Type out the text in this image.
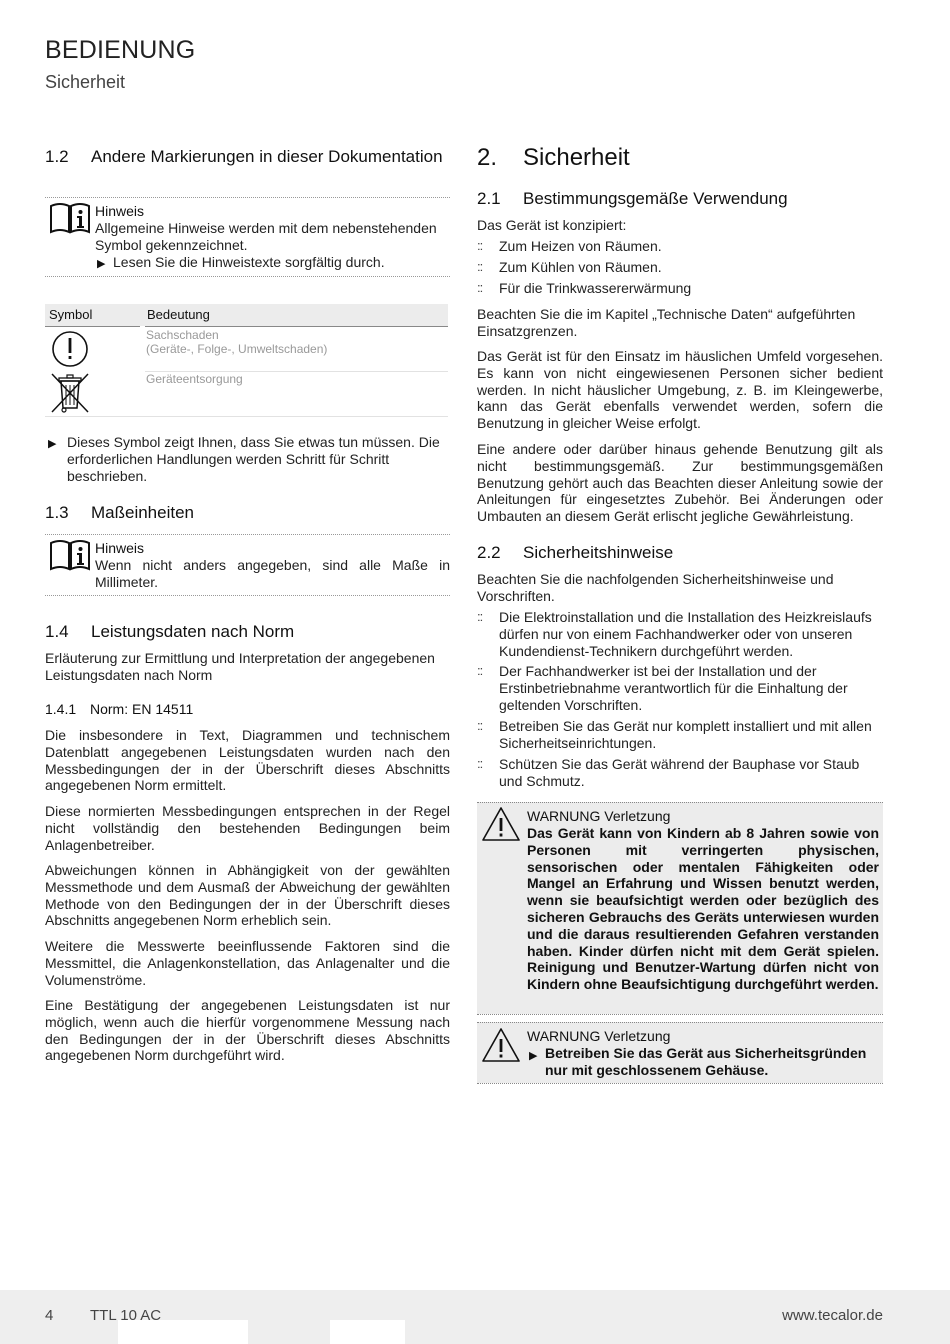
BEDIENUNG
Sicherheit
1.2 Andere Markierungen in dieser Dokumentation
Hinweis
Allgemeine Hinweise werden mit dem nebenstehenden Symbol gekennzeichnet.
▶ Lesen Sie die Hinweistexte sorgfältig durch.
Symbol	Bedeutung
Sachschaden
(Geräte-, Folge-, Umweltschaden)
Geräteentsorgung
▶ Dieses Symbol zeigt Ihnen, dass Sie etwas tun müssen. Die erforderlichen Handlungen werden Schritt für Schritt beschrieben.
1.3 Maßeinheiten
Hinweis
Wenn nicht anders angegeben, sind alle Maße in Millimeter.
1.4 Leistungsdaten nach Norm
Erläuterung zur Ermittlung und Interpretation der angegebenen Leistungsdaten nach Norm
1.4.1 Norm: EN 14511
Die insbesondere in Text, Diagrammen und technischem Datenblatt angegebenen Leistungsdaten wurden nach den Messbedingungen der in der Überschrift dieses Abschnitts angegebenen Norm ermittelt.
Diese normierten Messbedingungen entsprechen in der Regel nicht vollständig den bestehenden Bedingungen beim Anlagenbetreiber.
Abweichungen können in Abhängigkeit von der gewählten Messmethode und dem Ausmaß der Abweichung der gewählten Methode von den Bedingungen der in der Überschrift dieses Abschnitts angegebenen Norm erheblich sein.
Weitere die Messwerte beeinflussende Faktoren sind die Messmittel, die Anlagenkonstellation, das Anlagenalter und die Volumenströme.
Eine Bestätigung der angegebenen Leistungsdaten ist nur möglich, wenn auch die hierfür vorgenommene Messung nach den Bedingungen der in der Überschrift dieses Abschnitts angegebenen Norm durchgeführt wird.
2. Sicherheit
2.1 Bestimmungsgemäße Verwendung
Das Gerät ist konzipiert:
:: Zum Heizen von Räumen.
:: Zum Kühlen von Räumen.
:: Für die Trinkwassererwärmung
Beachten Sie die im Kapitel „Technische Daten“ aufgeführten Einsatzgrenzen.
Das Gerät ist für den Einsatz im häuslichen Umfeld vorgesehen. Es kann von nicht eingewiesenen Personen sicher bedient werden. In nicht häuslicher Umgebung, z. B. im Kleingewerbe, kann das Gerät ebenfalls verwendet werden, sofern die Benutzung in gleicher Weise erfolgt.
Eine andere oder darüber hinaus gehende Benutzung gilt als nicht bestimmungsgemäß. Zur bestimmungsgemäßen Benutzung gehört auch das Beachten dieser Anleitung sowie der Anleitungen für eingesetztes Zubehör. Bei Änderungen oder Umbauten an diesem Gerät erlischt jegliche Gewährleistung.
2.2 Sicherheitshinweise
Beachten Sie die nachfolgenden Sicherheitshinweise und Vorschriften.
:: Die Elektroinstallation und die Installation des Heizkreislaufs dürfen nur von einem Fachhandwerker oder von unseren Kundendienst-Technikern durchgeführt werden.
:: Der Fachhandwerker ist bei der Installation und der Erstinbetriebnahme verantwortlich für die Einhaltung der geltenden Vorschriften.
:: Betreiben Sie das Gerät nur komplett installiert und mit allen Sicherheitseinrichtungen.
:: Schützen Sie das Gerät während der Bauphase vor Staub und Schmutz.
WARNUNG Verletzung
Das Gerät kann von Kindern ab 8 Jahren sowie von Personen mit verringerten physischen, sensorischen oder mentalen Fähigkeiten oder Mangel an Erfahrung und Wissen benutzt werden, wenn sie beaufsichtigt werden oder bezüglich des sicheren Gebrauchs des Geräts unterwiesen wurden und die daraus resultierenden Gefahren verstanden haben. Kinder dürfen nicht mit dem Gerät spielen. Reinigung und Benutzer-Wartung dürfen nicht von Kindern ohne Beaufsichtigung durchgeführt werden.
WARNUNG Verletzung
▶ Betreiben Sie das Gerät aus Sicherheitsgründen nur mit geschlossenem Gehäuse.
4 TTL 10 AC	www.tecalor.de
